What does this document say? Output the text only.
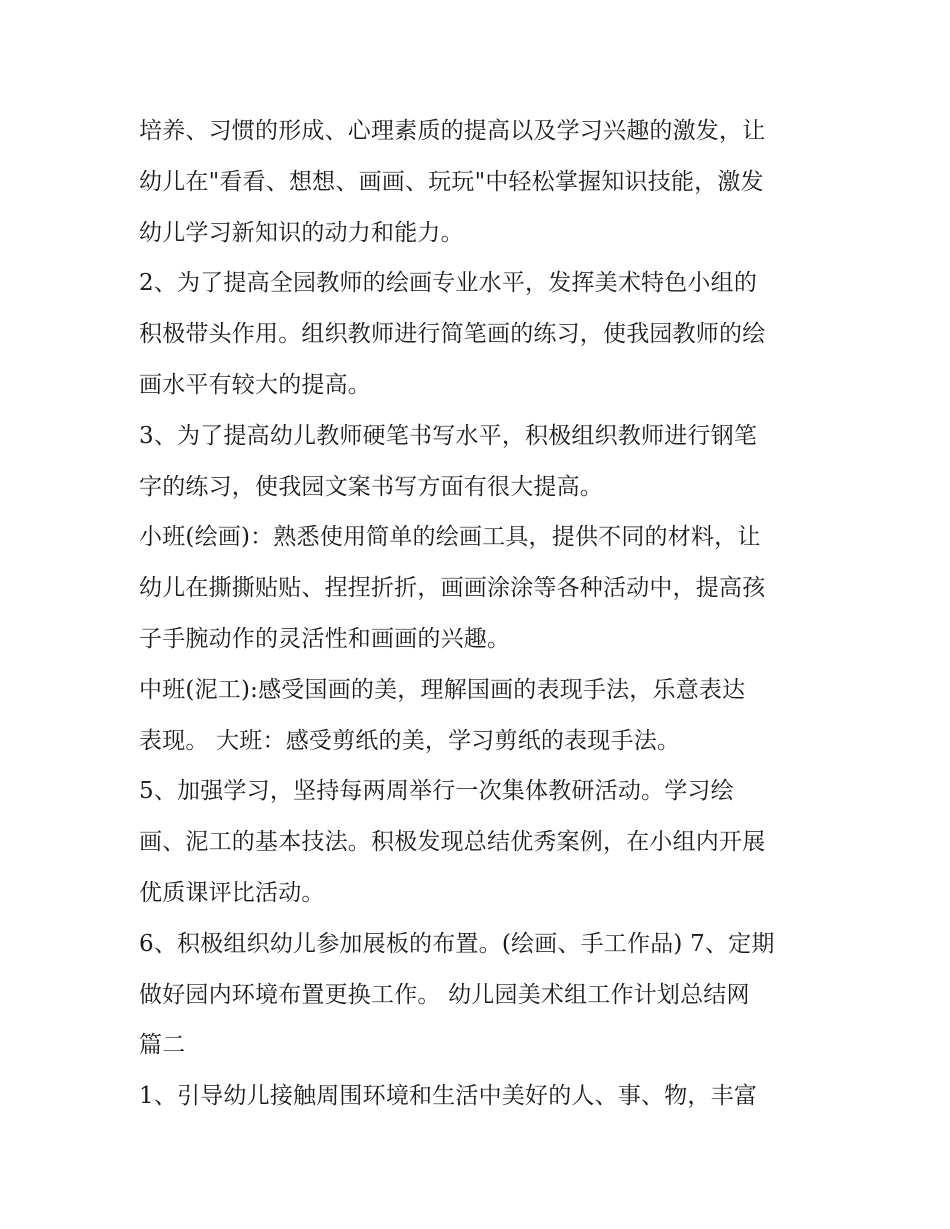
培养、习惯的形成、心理素质的提高以及学习兴趣的激发，让
幼儿在"看看、想想、画画、玩玩"中轻松掌握知识技能，激发
幼儿学习新知识的动力和能力。
2、为了提高全园教师的绘画专业水平，发挥美术特色小组的
积极带头作用。组织教师进行简笔画的练习，使我园教师的绘
画水平有较大的提高。
3、为了提高幼儿教师硬笔书写水平，积极组织教师进行钢笔
字的练习，使我园文案书写方面有很大提高。
小班(绘画)：熟悉使用简单的绘画工具，提供不同的材料，让
幼儿在撕撕贴贴、捏捏折折，画画涂涂等各种活动中，提高孩
子手腕动作的灵活性和画画的兴趣。
中班(泥工):感受国画的美，理解国画的表现手法，乐意表达
表现。 大班：感受剪纸的美，学习剪纸的表现手法。
5、加强学习，坚持每两周举行一次集体教研活动。学习绘
画、泥工的基本技法。积极发现总结优秀案例，在小组内开展
优质课评比活动。
6、积极组织幼儿参加展板的布置。(绘画、手工作品) 7、定期
做好园内环境布置更换工作。 幼儿园美术组工作计划总结网
篇二
1、引导幼儿接触周围环境和生活中美好的人、事、物，丰富
